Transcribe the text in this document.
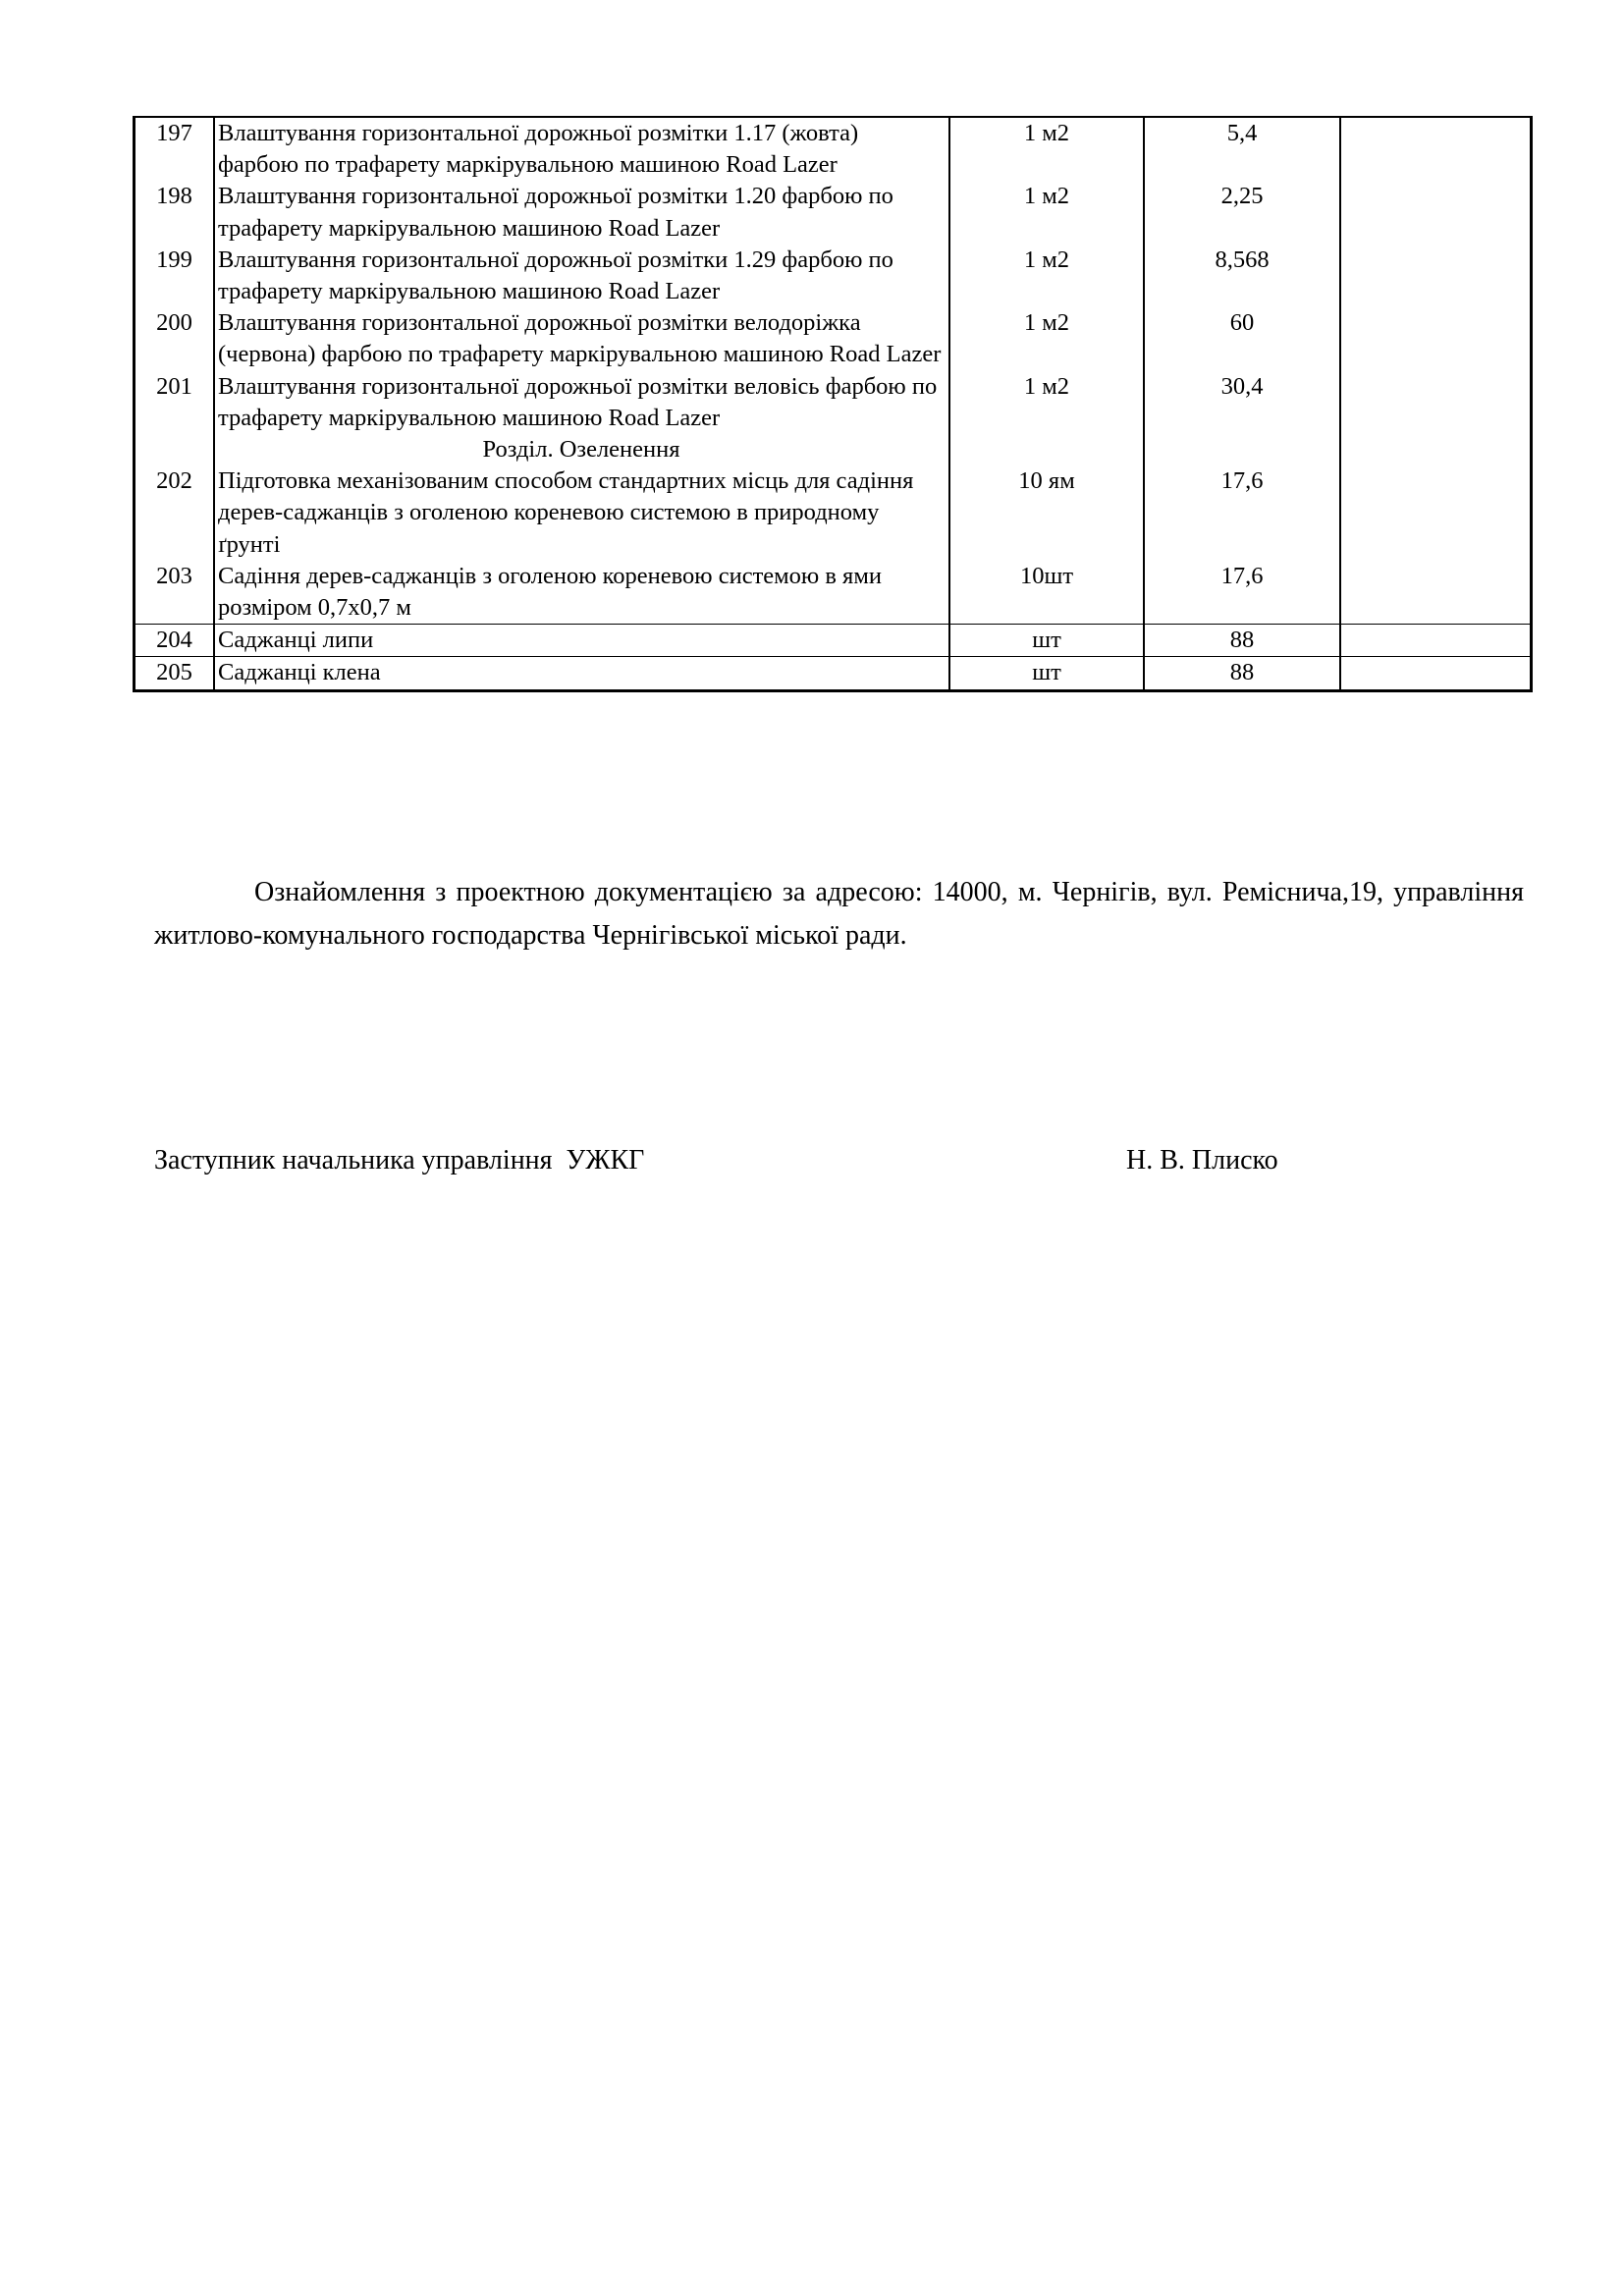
197	Влаштування горизонтальної дорожньої розмітки 1.17 (жовта) фарбою по трафарету маркірувальною машиною Road Lazer	1 м2	5,4	
198	Влаштування горизонтальної дорожньої розмітки 1.20 фарбою по трафарету маркірувальною машиною Road Lazer	1 м2	2,25	
199	Влаштування горизонтальної дорожньої розмітки 1.29 фарбою по трафарету маркірувальною машиною Road Lazer	1 м2	8,568	
200	Влаштування горизонтальної дорожньої розмітки велодоріжка (червона) фарбою по трафарету маркірувальною машиною Road Lazer	1 м2	60	
201	Влаштування горизонтальної дорожньої розмітки веловісь фарбою по трафарету маркірувальною машиною Road Lazer	1 м2	30,4	
	Розділ. Озеленення			
202	Підготовка механізованим способом стандартних місць для садіння дерев-саджанців з оголеною кореневою системою в природному ґрунті	10 ям	17,6	
203	Садіння дерев-саджанців з оголеною кореневою системою в ями розміром 0,7х0,7 м	10шт	17,6	
204	Саджанці липи	шт	88	
205	Саджанці клена	шт	88	

Ознайомлення з проектною документацією за адресою: 14000, м. Чернігів, вул. Реміснича,19, управління житлово-комунального господарства Чернігівської міської ради.

Заступник начальника управління  УЖКГ	Н. В. Плиско
